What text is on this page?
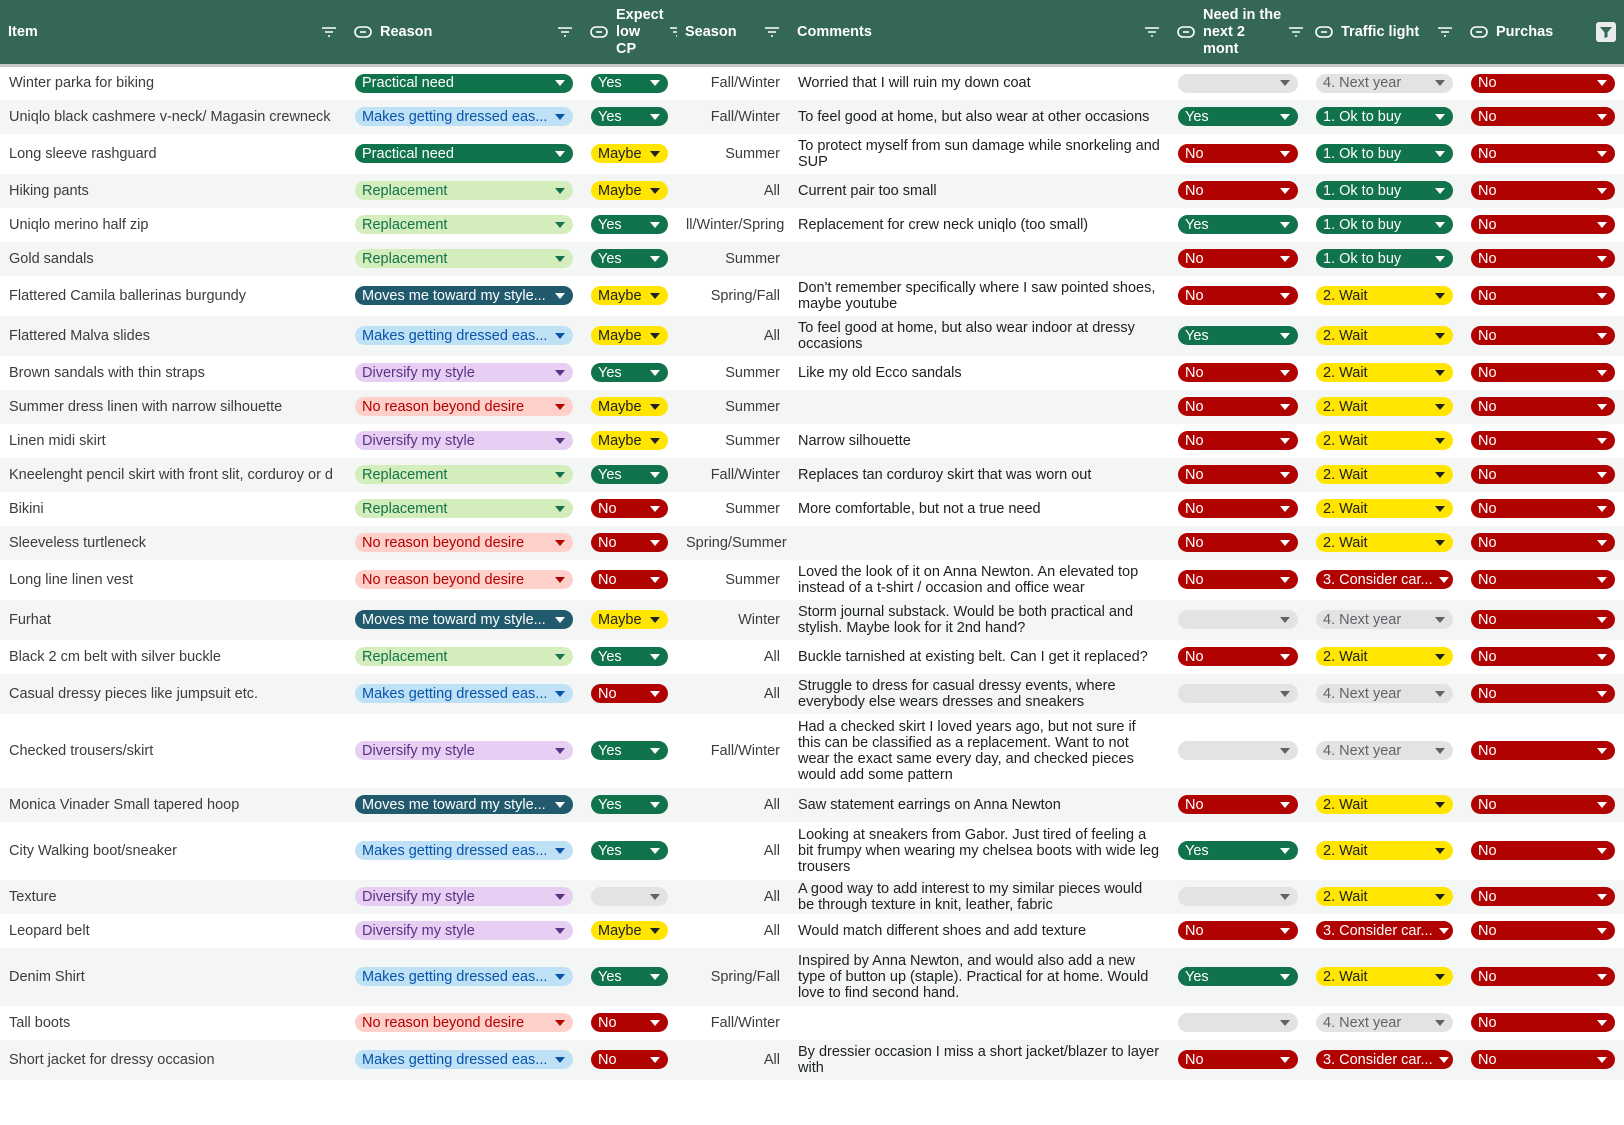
Item	Reason	Expect low CP	Season	Comments	Need in the next 2 mont	Traffic light	Purchas

Winter parka for biking	Practical need	Yes	Fall/Winter	Worried that I will ruin my down coat		4. Next year	No

Uniqlo black cashmere v-neck/ Magasin crewneck	Makes getting dressed eas...	Yes	Fall/Winter	To feel good at home, but also wear at other occasions	Yes	1. Ok to buy	No

Long sleeve rashguard	Practical need	Maybe	Summer	To protect myself from sun damage while snorkeling and SUP	No	1. Ok to buy	No

Hiking pants	Replacement	Maybe	All	Current pair too small	No	1. Ok to buy	No

Uniqlo merino half zip	Replacement	Yes	ll/Winter/Spring	Replacement for crew neck uniqlo (too small)	Yes	1. Ok to buy	No

Gold sandals	Replacement	Yes	Summer		No	1. Ok to buy	No

Flattered Camila ballerinas burgundy	Moves me toward my style...	Maybe	Spring/Fall	Don't remember specifically where I saw pointed shoes, maybe youtube	No	2. Wait	No

Flattered Malva slides	Makes getting dressed eas...	Maybe	All	To feel good at home, but also wear indoor at dressy occasions	Yes	2. Wait	No

Brown sandals with thin straps	Diversify my style	Yes	Summer	Like my old Ecco sandals	No	2. Wait	No

Summer dress linen with narrow silhouette	No reason beyond desire	Maybe	Summer		No	2. Wait	No

Linen midi skirt	Diversify my style	Maybe	Summer	Narrow silhouette	No	2. Wait	No

Kneelenght pencil skirt with front slit, corduroy or d	Replacement	Yes	Fall/Winter	Replaces tan corduroy skirt that was worn out	No	2. Wait	No

Bikini	Replacement	No	Summer	More comfortable, but not a true need	No	2. Wait	No

Sleeveless turtleneck	No reason beyond desire	No	Spring/Summer		No	2. Wait	No

Long line linen vest	No reason beyond desire	No	Summer	Loved the look of it on Anna Newton. An elevated top instead of a t-shirt / occasion and office wear	No	3. Consider car...	No

Furhat	Moves me toward my style...	Maybe	Winter	Storm journal substack. Would be both practical and stylish. Maybe look for it 2nd hand?		4. Next year	No

Black 2 cm belt with silver buckle	Replacement	Yes	All	Buckle tarnished at existing belt. Can I get it replaced?	No	2. Wait	No

Casual dressy pieces like jumpsuit etc.	Makes getting dressed eas...	No	All	Struggle to dress for casual dressy events, where everybody else wears dresses and sneakers		4. Next year	No

Checked trousers/skirt	Diversify my style	Yes	Fall/Winter	Had a checked skirt I loved years ago, but not sure if this can be classified as a replacement. Want to not wear the exact same every day, and checked pieces would add some pattern		4. Next year	No

Monica Vinader Small tapered hoop	Moves me toward my style...	Yes	All	Saw statement earrings on Anna Newton	No	2. Wait	No

City Walking boot/sneaker	Makes getting dressed eas...	Yes	All	Looking at sneakers from Gabor. Just tired of feeling a bit frumpy when wearing my chelsea boots with wide leg trousers	Yes	2. Wait	No

Texture	Diversify my style		All	A good way to add interest to my similar pieces would be through texture in knit, leather, fabric		2. Wait	No

Leopard belt	Diversify my style	Maybe	All	Would match different shoes and add texture	No	3. Consider car...	No

Denim Shirt	Makes getting dressed eas...	Yes	Spring/Fall	Inspired by Anna Newton, and would also add a new type of button up (staple). Practical for at home. Would love to find second hand.	Yes	2. Wait	No

Tall boots	No reason beyond desire	No	Fall/Winter			4. Next year	No

Short jacket for dressy occasion	Makes getting dressed eas...	No	All	By dressier occasion I miss a short jacket/blazer to layer with	No	3. Consider car...	No
